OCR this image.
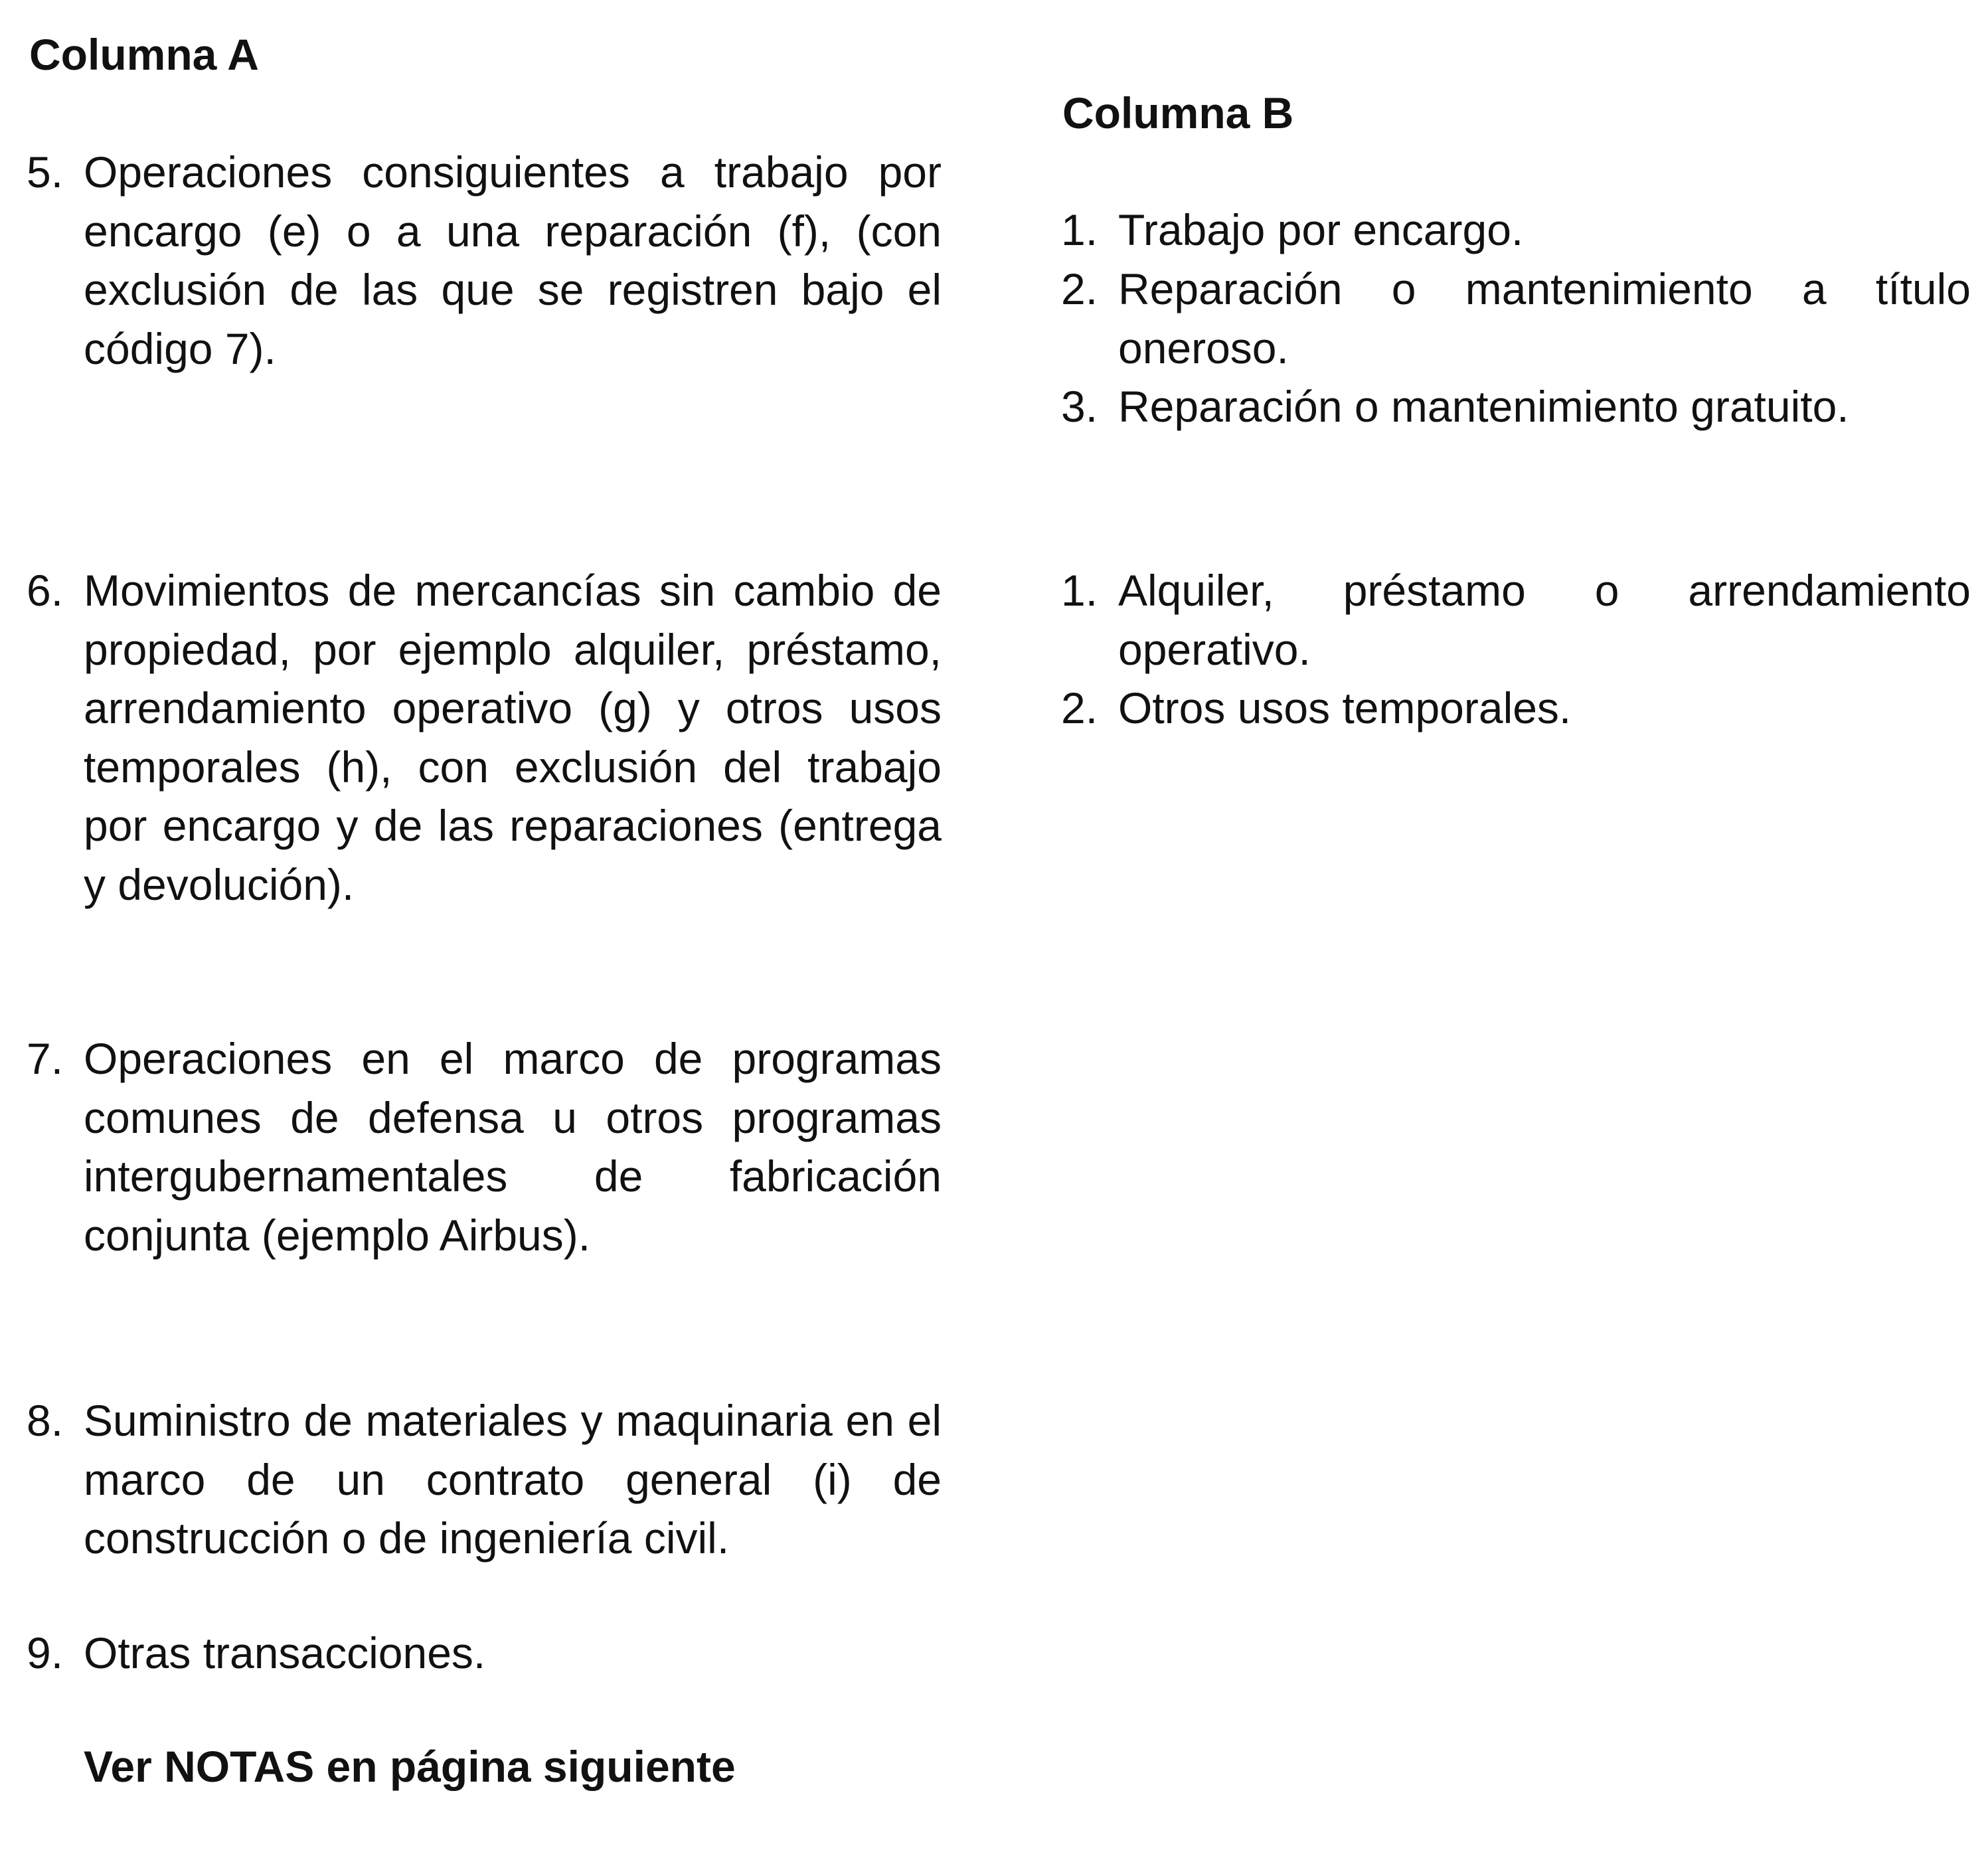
Columna A
Columna B
5. Operaciones consiguientes a trabajo por encargo (e) o a una reparación (f), (con exclusión de las que se registren bajo el código 7).
6. Movimientos de mercancías sin cambio de propiedad, por ejemplo alquiler, préstamo, arrendamiento operativo (g) y otros usos temporales (h), con exclusión del trabajo por encargo y de las reparaciones (entrega y devolución).
7. Operaciones en el marco de programas comunes de defensa u otros programas intergubernamentales de fabricación conjunta (ejemplo Airbus).
8. Suministro de materiales y maquinaria en el marco de un contrato general (i) de construcción o de ingeniería civil.
9. Otras transacciones.
1. Trabajo por encargo.
2. Reparación o mantenimiento a título oneroso.
3. Reparación o mantenimiento gratuito.
1. Alquiler, préstamo o arrendamiento operativo.
2. Otros usos temporales.

Ver NOTAS en página siguiente
